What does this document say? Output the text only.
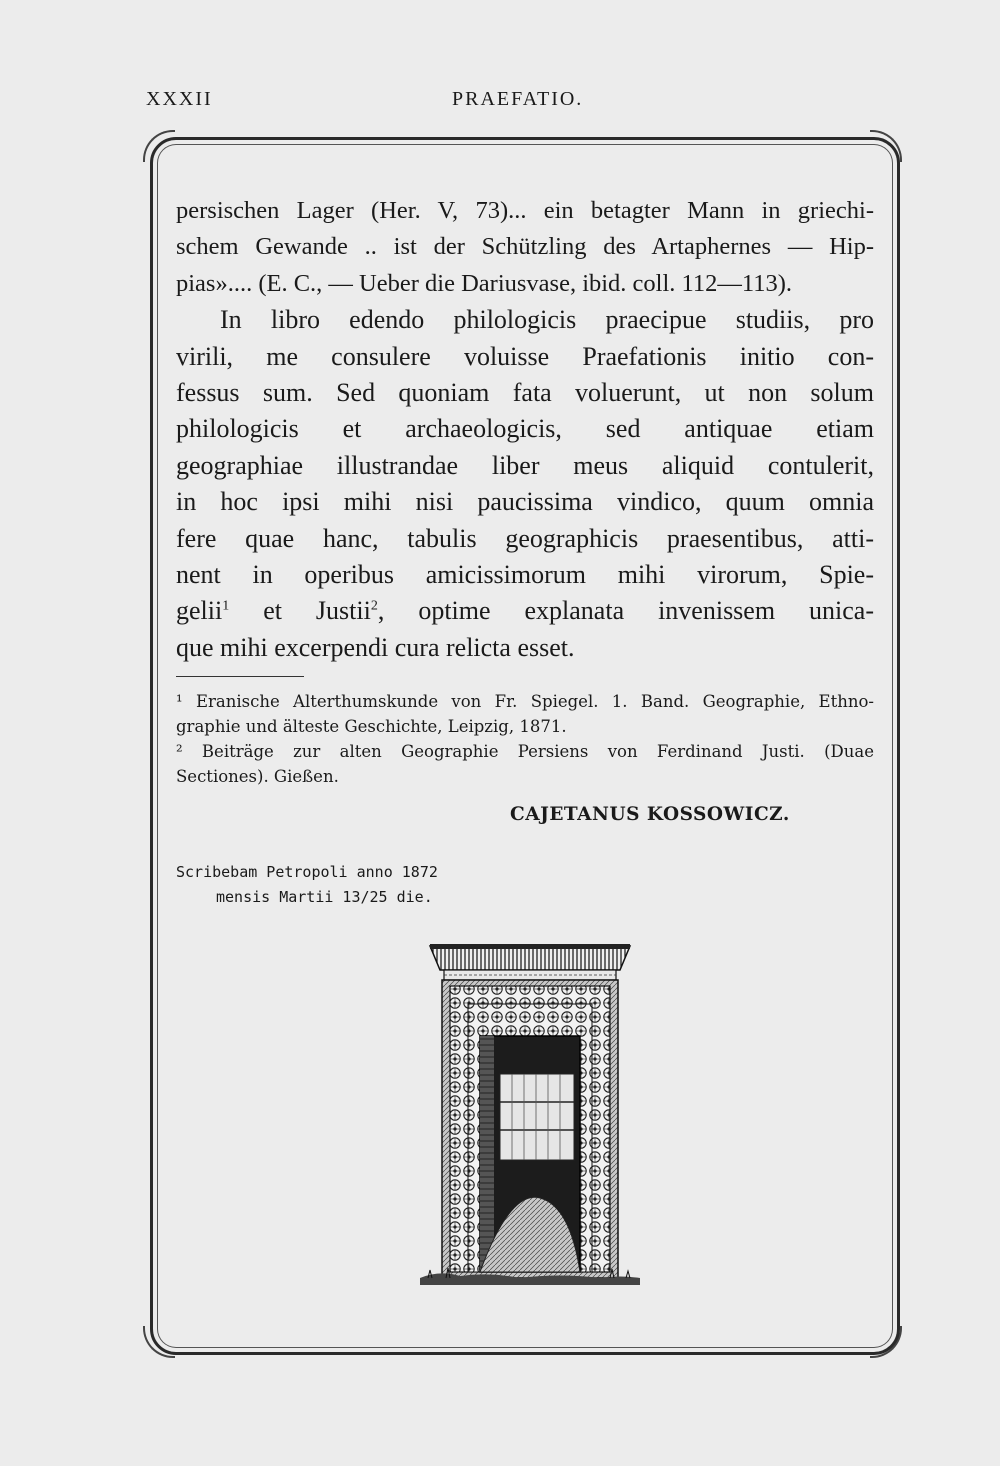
XXXII	PRAEFATIO.
persischen Lager (Her. V, 73)... ein betagter Mann in griechi-
schem Gewande .. ist der Schützling des Artaphernes — Hip-
pias».... (E. C., — Ueber die Dariusvase, ibid. coll. 112—113).
In libro edendo philologicis praecipue studiis, pro
virili, me consulere voluisse Praefationis initio con-
fessus sum. Sed quoniam fata voluerunt, ut non solum
philologicis et archaeologicis, sed antiquae etiam
geographiae illustrandae liber meus aliquid contulerit,
in hoc ipsi mihi nisi paucissima vindico, quum omnia
fere quae hanc, tabulis geographicis praesentibus, atti-
nent in operibus amicissimorum mihi virorum, Spie-
gelii$^1$ et Justii$^2$, optime explanata invenissem unica-
que mihi excerpendi cura relicta esset.
¹ Eranische Alterthumskunde von Fr. Spiegel. 1. Band. Geographie, Ethno-
graphie und älteste Geschichte, Leipzig, 1871.
² Beiträge zur alten Geographie Persiens von Ferdinand Justi. (Duae
Sectiones). Gießen.
CAJETANUS KOSSOWICZ.
Scribebam Petropoli anno 1872
mensis Martii 13/25 die.
